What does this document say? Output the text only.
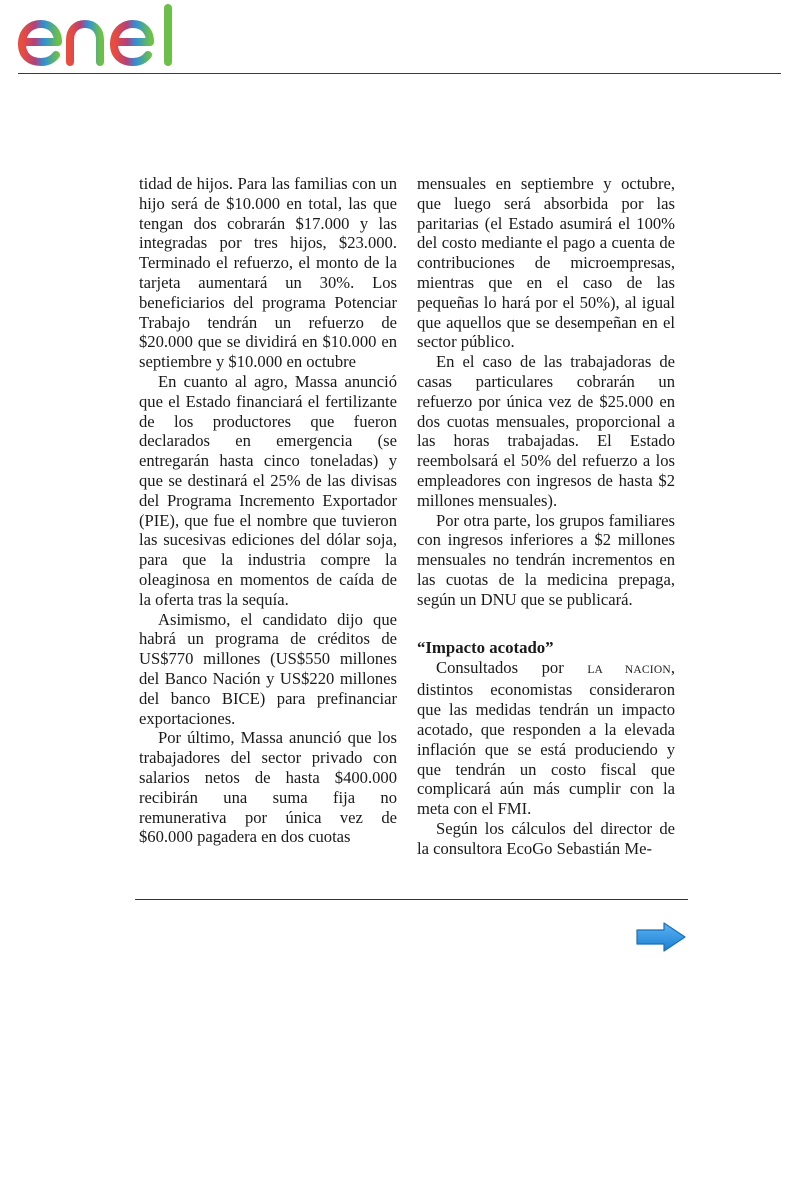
tidad de hijos. Para las familias con un hijo será de $10.000 en total, las que tengan dos cobrarán $17.000 y las integradas por tres hijos, $23.000. Terminado el refuerzo, el monto de la tarjeta aumentará un 30%. Los beneficiarios del programa Potenciar Trabajo tendrán un refuerzo de $20.000 que se dividirá en $10.000 en septiembre y $10.000 en octubre

En cuanto al agro, Massa anunció que el Estado financiará el fertilizante de los productores que fueron declarados en emergencia (se entregarán hasta cinco toneladas) y que se destinará el 25% de las divisas del Programa Incremento Exportador (PIE), que fue el nombre que tuvieron las sucesivas ediciones del dólar soja, para que la industria compre la oleaginosa en momentos de caída de la oferta tras la sequía.

Asimismo, el candidato dijo que habrá un programa de créditos de US$770 millones (US$550 millones del Banco Nación y US$220 millones del banco BICE) para prefinanciar exportaciones.

Por último, Massa anunció que los trabajadores del sector privado con salarios netos de hasta $400.000 recibirán una suma fija no remunerativa por única vez de $60.000 pagadera en dos cuotas

mensuales en septiembre y octubre, que luego será absorbida por las paritarias (el Estado asumirá el 100% del costo mediante el pago a cuenta de contribuciones de microempresas, mientras que en el caso de las pequeñas lo hará por el 50%), al igual que aquellos que se desempeñan en el sector público.

En el caso de las trabajadoras de casas particulares cobrarán un refuerzo por única vez de $25.000 en dos cuotas mensuales, proporcional a las horas trabajadas. El Estado reembolsará el 50% del refuerzo a los empleadores con ingresos de hasta $2 millones mensuales).

Por otra parte, los grupos familiares con ingresos inferiores a $2 millones mensuales no tendrán incrementos en las cuotas de la medicina prepaga, según un DNU que se publicará.

“Impacto acotado”

Consultados por LA NACION, distintos economistas consideraron que las medidas tendrán un impacto acotado, que responden a la elevada inflación que se está produciendo y que tendrán un costo fiscal que complicará aún más cumplir con la meta con el FMI.

Según los cálculos del director de la consultora EcoGo Sebastián Me-
